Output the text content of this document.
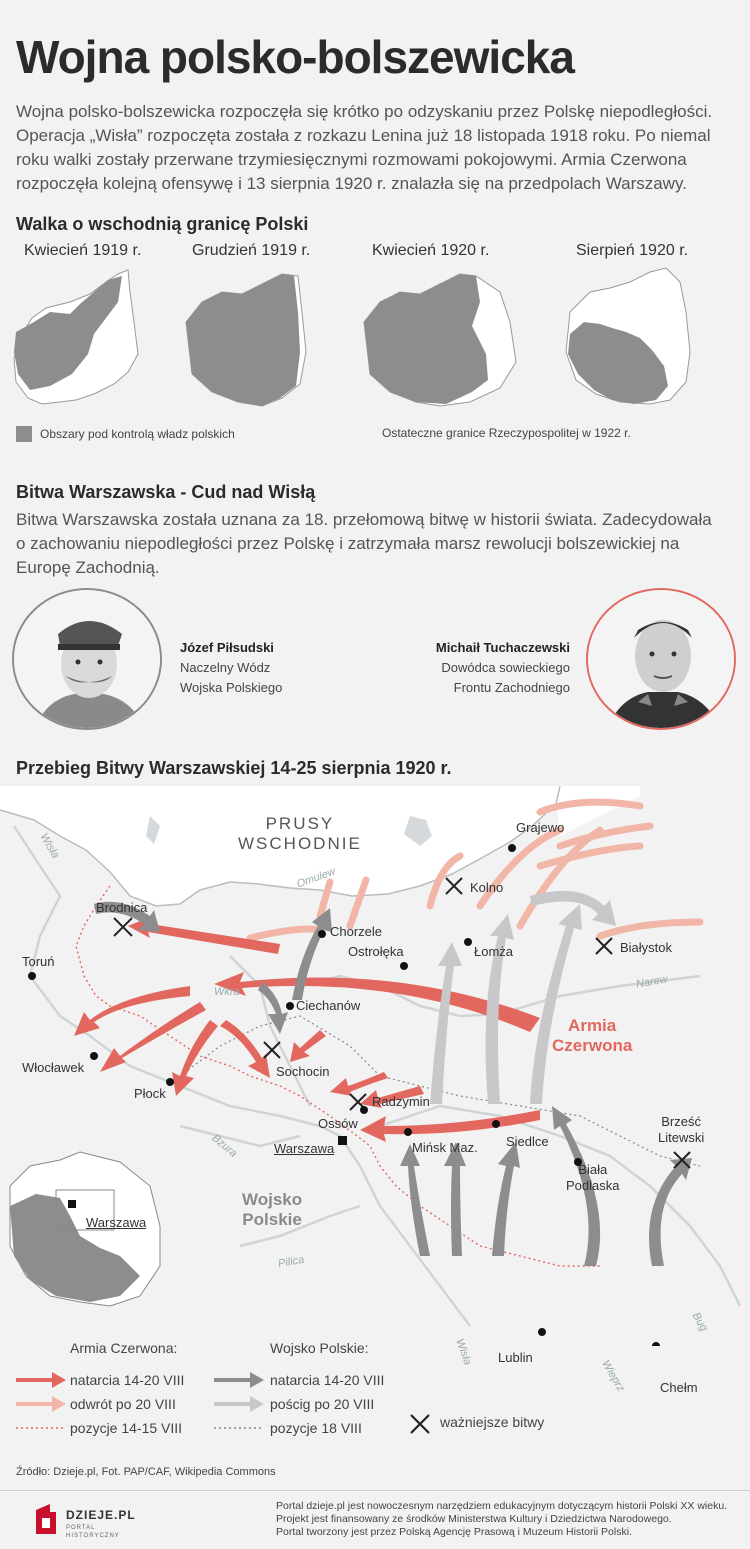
Wojna polsko-bolszewicka

Wojna polsko-bolszewicka rozpoczęła się krótko po odzyskaniu przez Polskę niepodległości. Operacja „Wisła” rozpoczęta została z rozkazu Lenina już 18 listopada 1918 roku. Po niemal roku walki zostały przerwane trzymiesięcznymi rozmowami pokojowymi. Armia Czerwona rozpoczęła kolejną ofensywę i 13 sierpnia 1920 r. znalazła się na przedpolach Warszawy.

Walka o wschodnią granicę Polski
Kwiecień 1919 r.	Grudzień 1919 r.	Kwiecień 1920 r.	Sierpień 1920 r.
Obszary pod kontrolą władz polskich	Ostateczne granice Rzeczypospolitej w 1922 r.
Bitwa Warszawska - Cud nad Wisłą

Bitwa Warszawska została uznana za 18. przełomową bitwę w historii świata. Zadecydowała o zachowaniu niepodległości przez Polskę i zatrzymała marsz rewolucji bolszewickiej na Europę Zachodnią.

Józef Piłsudski
Naczelny Wódz
Wojska Polskiego
Michaił Tuchaczewski
Dowódca sowieckiego
Frontu Zachodniego
Przebieg Bitwy Warszawskiej 14-25 sierpnia 1920 r.
PRUSY
WSCHODNIE
Grajewo
Kolno
Brodnica
Chorzele
Ostrołęka	Łomża	Białystok
Toruń
Ciechanów
Włocławek	Sochocin
Płock
Radzymin
Ossów
Warszawa	Mińsk Maz. Siedlce
Biała
Podlaska
Brześć
Litewski
Lublin
Chełm
Warszawa
Wisła
Omulew
Wkra
Narew
Bzura
Pilica
Wisła
Wieprz
Bug
Armia
Czerwona
Wojsko
Polskie
Armia Czerwona:	Wojsko Polskie:
natarcia 14-20 VIII
odwrót po 20 VIII
pozycje 14-15 VIII
natarcia 14-20 VIII
pościg po 20 VIII
pozycje 18 VIII	ważniejsze bitwy
Źródło: Dzieje.pl, Fot. PAP/CAF, Wikipedia Commons
DZIEJE.PL
PORTAL
HISTORYCZNY
Portal dzieje.pl jest nowoczesnym narzędziem edukacyjnym dotyczącym historii Polski XX wieku.
Projekt jest finansowany ze środków Ministerstwa Kultury i Dziedzictwa Narodowego.
Portal tworzony jest przez Polską Agencję Prasową i Muzeum Historii Polski.
